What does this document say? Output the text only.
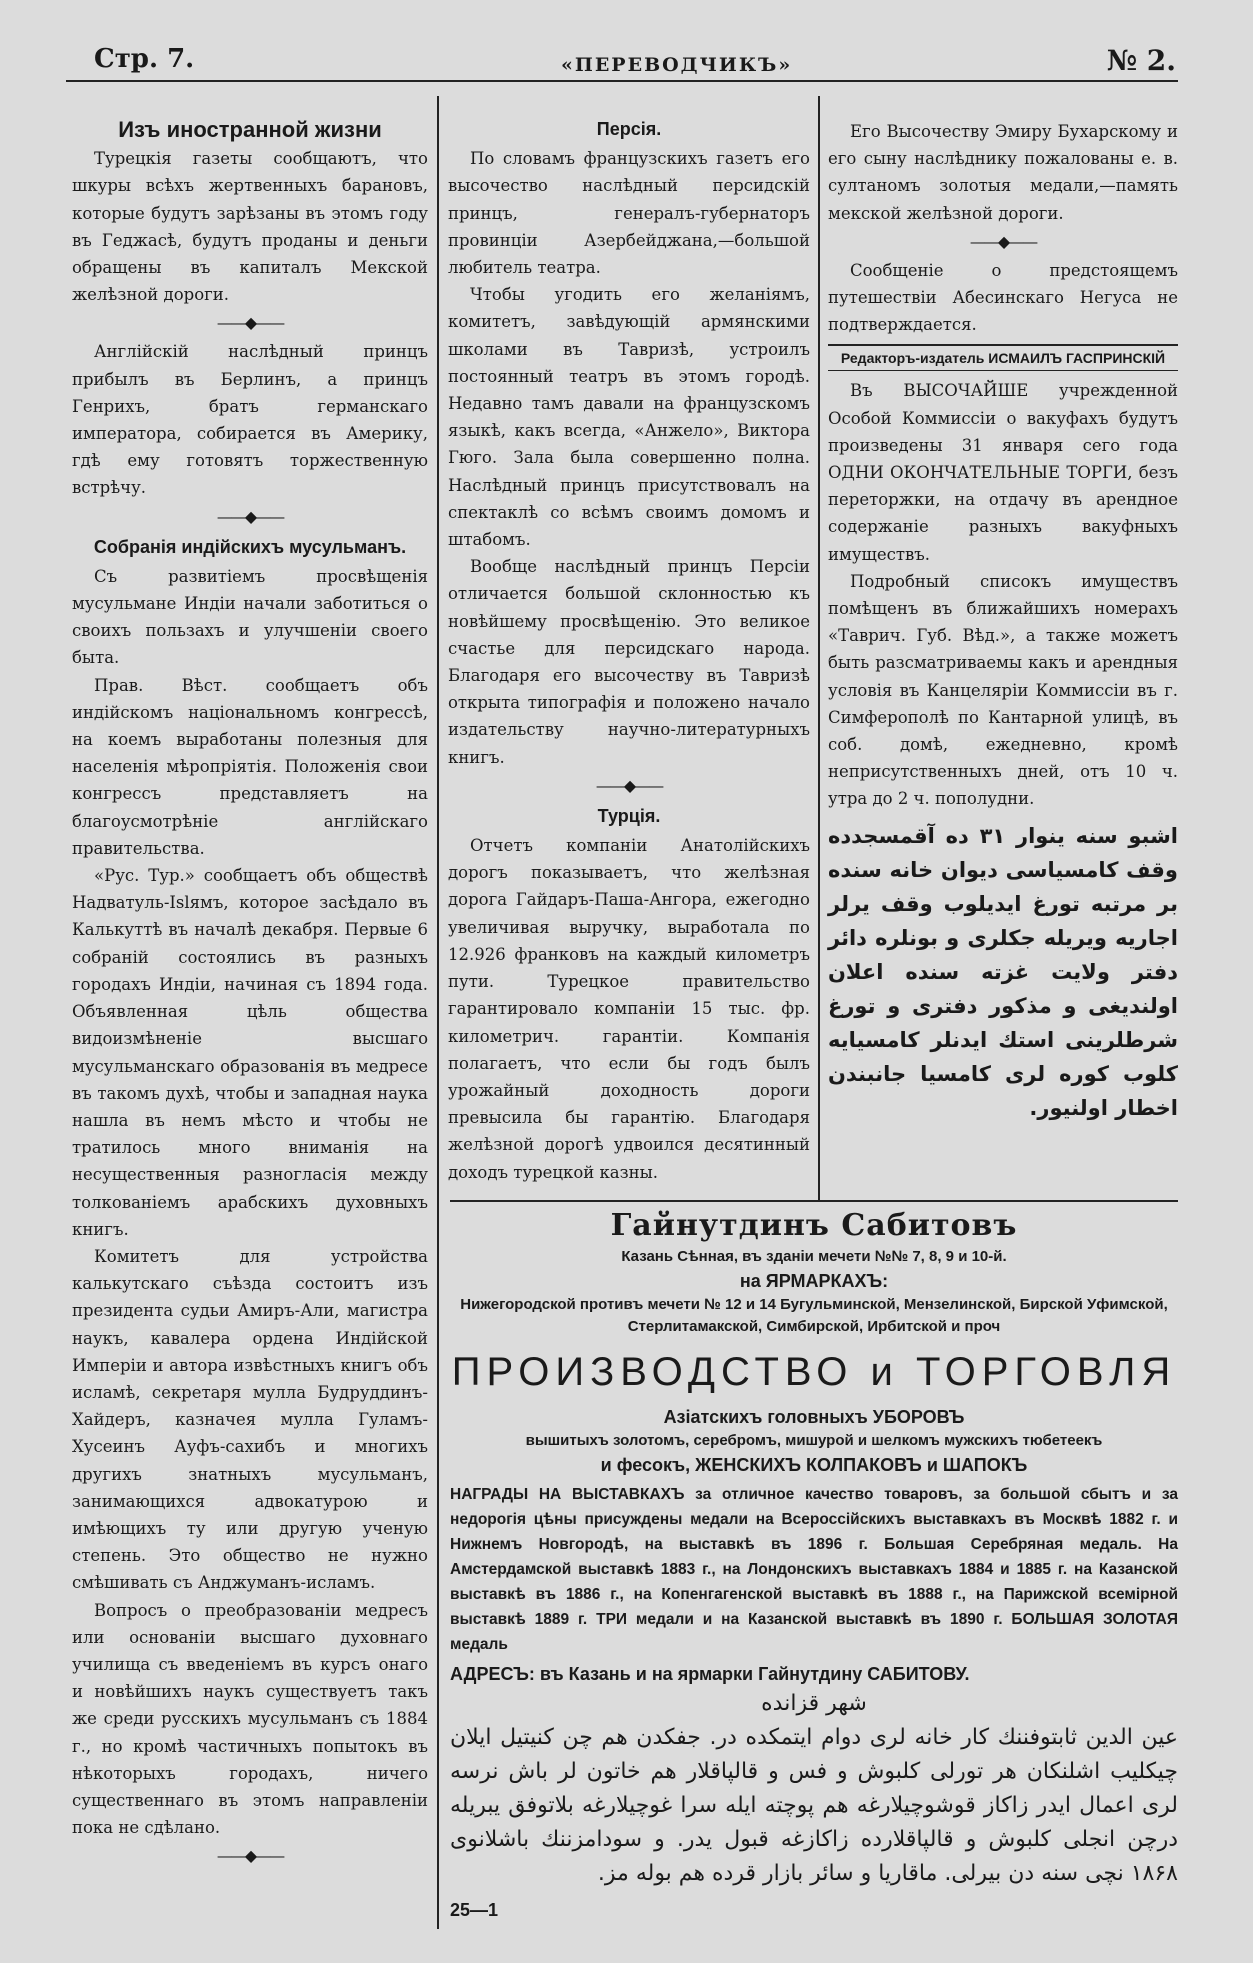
Стр. 7.	«ПЕРЕВОДЧИКЪ»	№ 2.
Изъ иностранной жизни

Турецкія газеты сообщаютъ, что шкуры всѣхъ жертвенныхъ барановъ, которые будутъ зарѣзаны въ этомъ году въ Геджасѣ, будутъ проданы и деньги обращены въ капиталъ Мекской желѣзной дороги.

——◆——

Англійскій наслѣдный принцъ прибылъ въ Берлинъ, а принцъ Генрихъ, братъ германскаго императора, собирается въ Америку, гдѣ ему готовятъ торжественную встрѣчу.

——◆——
Собранія индійскихъ мусульманъ.

Съ развитіемъ просвѣщенія мусульмане Индіи начали заботиться о своихъ пользахъ и улучшеніи своего быта.

Прав. Вѣст. сообщаетъ объ индійскомъ національномъ конгрессѣ, на коемъ выработаны полезныя для населенія мѣропріятія. Положенія свои конгрессъ представляетъ на благоусмотрѣніе англійскаго правительства.

«Рус. Тур.» сообщаетъ объ обществѣ Надватуль-Islямъ, которое засѣдало въ Калькуттѣ въ началѣ декабря. Первые 6 собраній состоялись въ разныхъ городахъ Индіи, начиная съ 1894 года. Объявленная цѣль общества видоизмѣненіе высшаго мусульманскаго образованія въ медресе въ такомъ духѣ, чтобы и западная наука нашла въ немъ мѣсто и чтобы не тратилось много вниманія на несущественныя разногласія между толкованіемъ арабскихъ духовныхъ книгъ.

Комитетъ для устройства калькутскаго съѣзда состоитъ изъ президента судьи Амиръ-Али, магистра наукъ, кавалера ордена Индійской Имперіи и автора извѣстныхъ книгъ объ исламѣ, секретаря мулла Будруддинъ-Хайдеръ, казначея мулла Гуламъ-Хусеинъ Ауфъ-сахибъ и многихъ другихъ знатныхъ мусульманъ, занимающихся адвокатурою и имѣющихъ ту или другую ученую степень. Это общество не нужно смѣшивать съ Анджуманъ-исламъ.

Вопросъ о преобразованіи медресъ или основаніи высшаго духовнаго училища съ введеніемъ въ курсъ онаго и новѣйшихъ наукъ существуетъ такъ же среди русскихъ мусульманъ съ 1884 г., но кромѣ частичныхъ попытокъ въ нѣкоторыхъ городахъ, ничего существеннаго въ этомъ направленіи пока не сдѣлано.

——◆——
Персія.

По словамъ французскихъ газетъ его высочество наслѣдный персидскій принцъ, генералъ-губернаторъ провинціи Азербейджана,—большой любитель театра.

Чтобы угодить его желаніямъ, комитетъ, завѣдующій армянскими школами въ Тавризѣ, устроилъ постоянный театръ въ этомъ городѣ. Недавно тамъ давали на французскомъ языкѣ, какъ всегда, «Анжело», Виктора Гюго. Зала была совершенно полна. Наслѣдный принцъ присутствовалъ на спектаклѣ со всѣмъ своимъ домомъ и штабомъ.

Вообще наслѣдный принцъ Персіи отличается большой склонностью къ новѣйшему просвѣщенію. Это великое счастье для персидскаго народа. Благодаря его высочеству въ Тавризѣ открыта типографія и положено начало издательству научно-литературныхъ книгъ.

——◆——
Турція.

Отчетъ компаніи Анатолійскихъ дорогъ показываетъ, что желѣзная дорога Гайдаръ-Паша-Ангора, ежегодно увеличивая выручку, выработала по 12.926 франковъ на каждый километръ пути. Турецкое правительство гарантировало компаніи 15 тыс. фр. километрич. гарантіи. Компанія полагаетъ, что если бы годъ былъ урожайный доходность дороги превысила бы гарантію. Благодаря желѣзной дорогѣ удвоился десятинный доходъ турецкой казны.

Его Высочеству Эмиру Бухарскому и его сыну наслѣднику пожалованы е. в. султаномъ золотыя медали,—память мекской желѣзной дороги.

——◆——

Сообщеніе о предстоящемъ путешествіи Абесинскаго Негуса не подтверждается.

Редакторъ-издатель ИСМАИЛЪ ГАСПРИНСКІЙ

Въ ВЫСОЧАЙШЕ учрежденной Особой Коммиссіи о вакуфахъ будутъ произведены 31 января сего года ОДНИ ОКОНЧАТЕЛЬНЫЕ ТОРГИ, безъ переторжки, на отдачу въ арендное содержаніе разныхъ вакуфныхъ имуществъ.

Подробный списокъ имуществъ помѣщенъ въ ближайшихъ номерахъ «Таврич. Губ. Вѣд.», а также можетъ быть разсматриваемы какъ и арендныя условія въ Канцеляріи Коммиссіи въ г. Симферополѣ по Кантарной улицѣ, въ соб. домѣ, ежедневно, кромѣ неприсутственныхъ дней, отъ 10 ч. утра до 2 ч. пополудни.

اشبو سنه ينوار ۳۱ ده آقمسجدده وقف كامسياسى ديوان خانه سنده بر مرتبه تورغ ايديلوب وقف يرلر اجاريه ويريله جكلرى و بونلره دائر دفتر ولايت غزته سنده اعلان اولنديغى و مذكور دفترى و تورغ شرطلرينى استك ايدنلر كامسيايه كلوب كوره لرى كامسيا جانبندن اخطار اولنيور.
Гайнутдинъ Сабитовъ
Казань Сѣнная, въ зданіи мечети №№ 7, 8, 9 и 10-й.
на ЯРМАРКАХЪ:
Нижегородской противъ мечети № 12 и 14 Бугульминской, Мензелинской, Бирской Уфимской, Стерлитамакской, Симбирской, Ирбитской и проч
ПРОИЗВОДСТВО и ТОРГОВЛЯ
Азіатскихъ головныхъ УБОРОВЪ
вышитыхъ золотомъ, серебромъ, мишурой и шелкомъ мужскихъ тюбетеекъ
и фесокъ, ЖЕНСКИХЪ КОЛПАКОВЪ и ШАПОКЪ
НАГРАДЫ НА ВЫСТАВКАХЪ за отличное качество товаровъ, за большой сбытъ и за недорогія цѣны присуждены медали на Всероссійскихъ выставкахъ въ Москвѣ 1882 г. и Нижнемъ Новгородѣ, на выставкѣ въ 1896 г. Большая Серебряная медаль. На Амстердамской выставкѣ 1883 г., на Лондонскихъ выставкахъ 1884 и 1885 г. на Казанской выставкѣ въ 1886 г., на Копенгагенской выставкѣ въ 1888 г., на Парижской всемірной выставкѣ 1889 г. ТРИ медали и на Казанской выставкѣ въ 1890 г. БОЛЬШАЯ ЗОЛОТАЯ медаль
АДРЕСЪ: въ Казань и на ярмарки Гайнутдину САБИТОВУ.
شهر قزانده
عين الدين ثابتوفننك كار خانه لرى دوام ايتمكده در. جفكدن هم چن كنيتيل ايلان چيكليب اشلنكان هر تورلى كلبوش و فس و قالپاقلار هم خاتون لر باش نرسه لرى اعمال ايدر زاكاز قوشوچيلارغه هم پوچته ايله سرا غوچيلارغه بلاتوفق يبريله درچن انجلى كلبوش و قالپاقلارده زاكازغه قبول يدر. و سودامزننك باشلانوى ۱۸۶۸ نچى سنه دن بيرلى. ماقاريا و سائر بازار قرده هم بوله مز.
25—1
